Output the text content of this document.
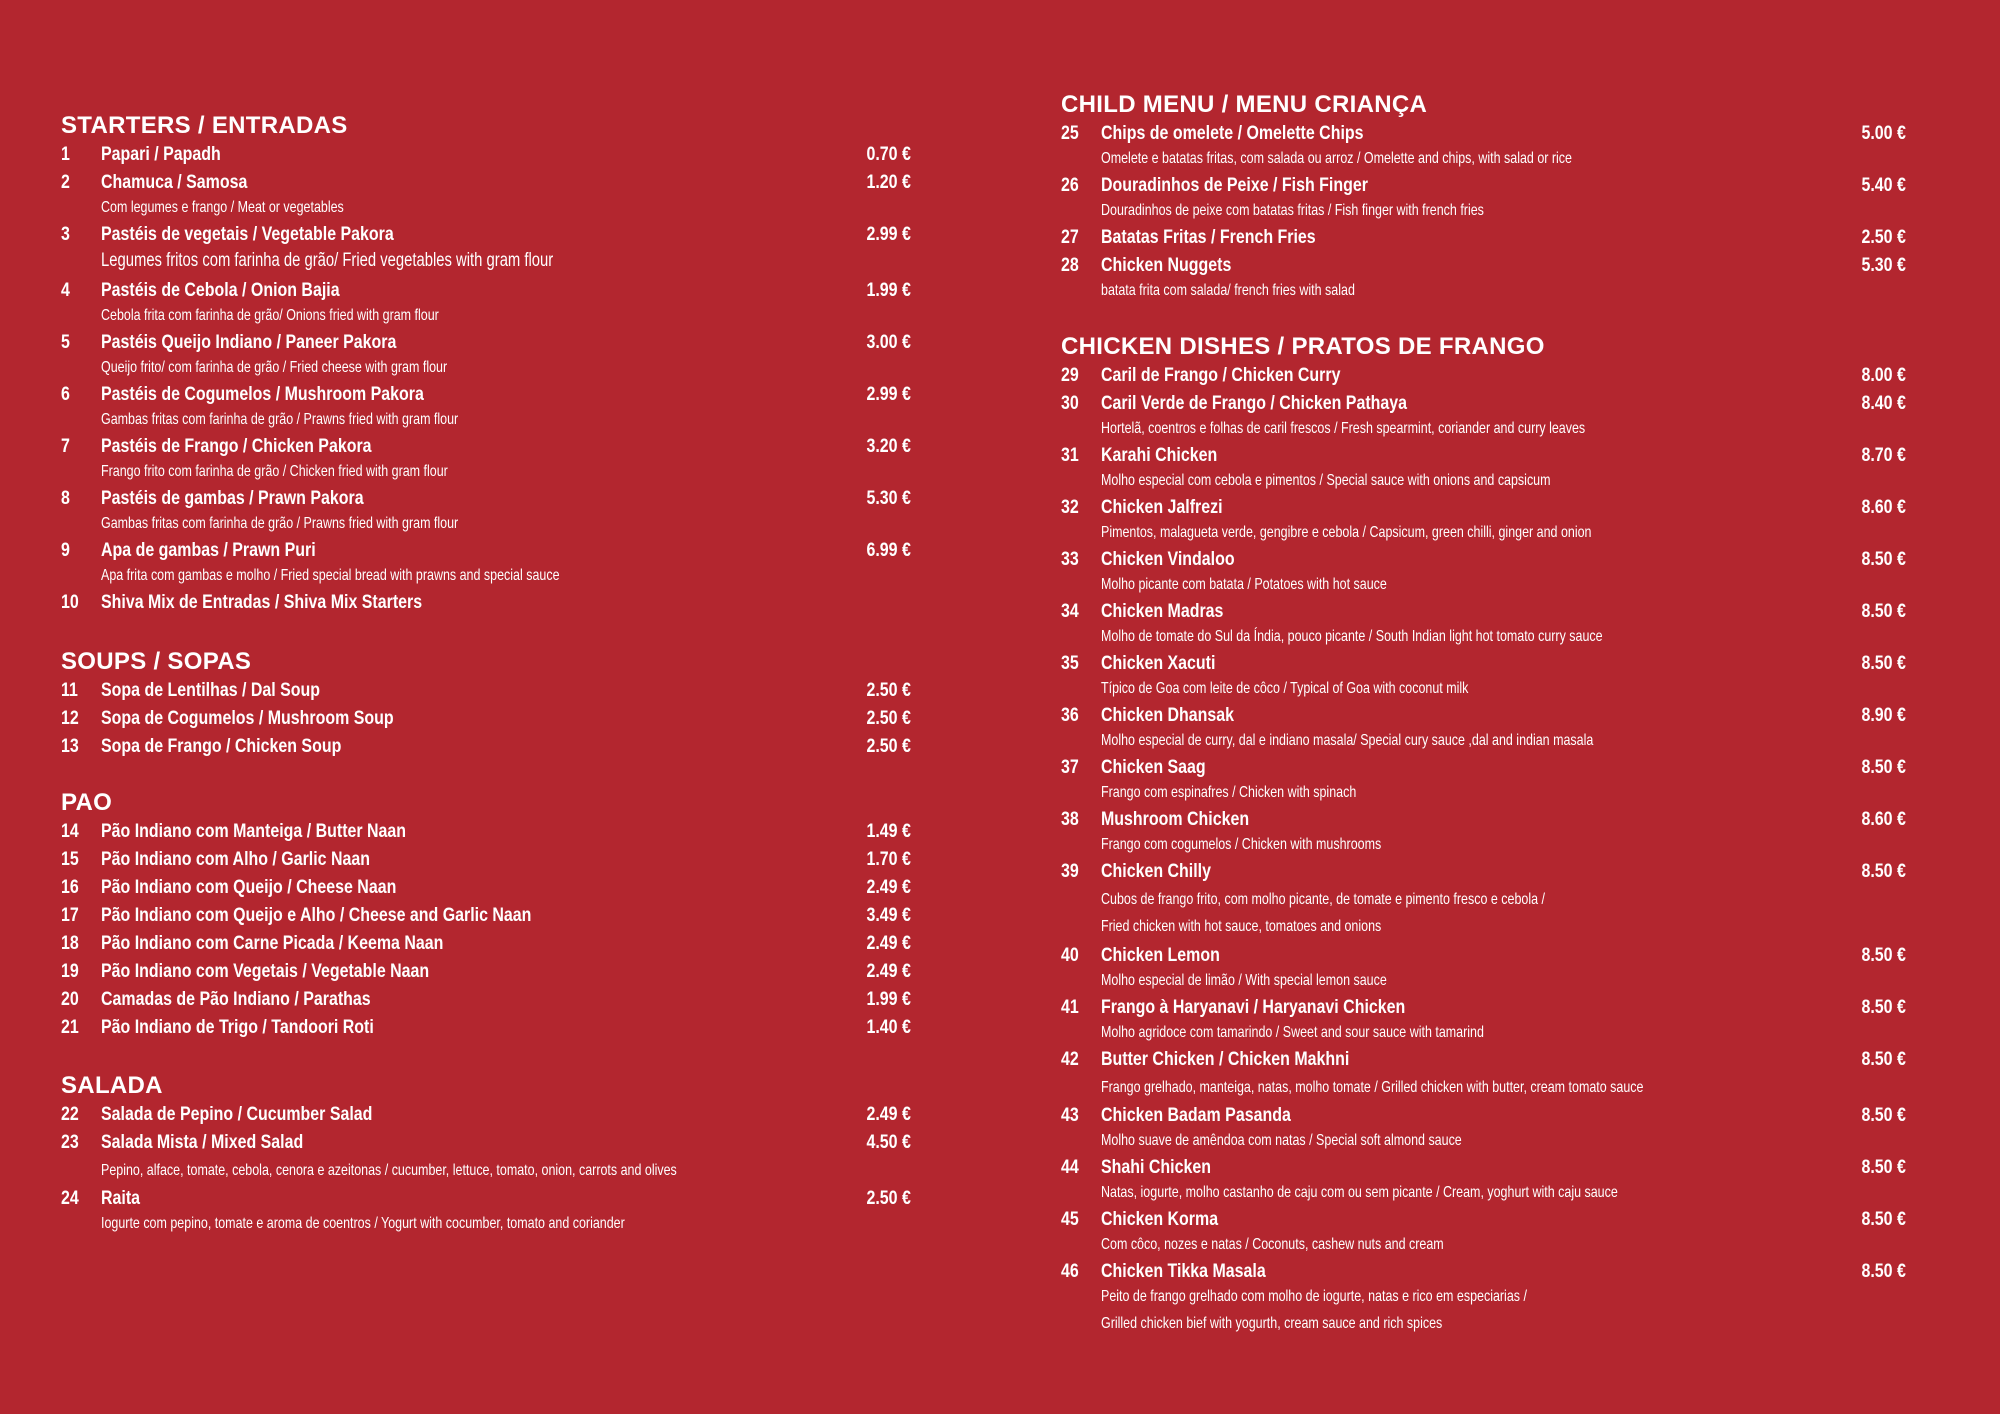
STARTERS / ENTRADAS
1 Papari / Papadh	0.70 €
2 Chamuca / Samosa	1.20 €
Com legumes e frango / Meat or vegetables
3 Pastéis de vegetais / Vegetable Pakora	2.99 €
Legumes fritos com farinha de grão/ Fried vegetables with gram flour
4 Pastéis de Cebola / Onion Bajia	1.99 €
Cebola frita com farinha de grão/ Onions fried with gram flour
5 Pastéis Queijo Indiano / Paneer Pakora	3.00 €
Queijo frito/ com farinha de grão / Fried cheese with gram flour
6 Pastéis de Cogumelos / Mushroom Pakora	2.99 €
Gambas fritas com farinha de grão / Prawns fried with gram flour
7 Pastéis de Frango / Chicken Pakora	3.20 €
Frango frito com farinha de grão / Chicken fried with gram flour
8 Pastéis de gambas / Prawn Pakora	5.30 €
Gambas fritas com farinha de grão / Prawns fried with gram flour
9 Apa de gambas / Prawn Puri	6.99 €
Apa frita com gambas e molho / Fried special bread with prawns and special sauce
10 Shiva Mix de Entradas / Shiva Mix Starters
SOUPS / SOPAS
11 Sopa de Lentilhas / Dal Soup	2.50 €
12 Sopa de Cogumelos / Mushroom Soup	2.50 €
13 Sopa de Frango / Chicken Soup	2.50 €
PAO
14 Pão Indiano com Manteiga / Butter Naan	1.49 €
15 Pão Indiano com Alho / Garlic Naan	1.70 €
16 Pão Indiano com Queijo / Cheese Naan	2.49 €
17 Pão Indiano com Queijo e Alho / Cheese and Garlic Naan	3.49 €
18 Pão Indiano com Carne Picada / Keema Naan	2.49 €
19 Pão Indiano com Vegetais / Vegetable Naan	2.49 €
20 Camadas de Pão Indiano / Parathas	1.99 €
21 Pão Indiano de Trigo / Tandoori Roti	1.40 €
SALADA
22 Salada de Pepino / Cucumber Salad	2.49 €
23 Salada Mista / Mixed Salad	4.50 €
Pepino, alface, tomate, cebola, cenora e azeitonas / cucumber, lettuce, tomato, onion, carrots and olives
24 Raita	2.50 €
Iogurte com pepino, tomate e aroma de coentros / Yogurt with cocumber, tomato and coriander
CHILD MENU / MENU CRIANÇA
25 Chips de omelete / Omelette Chips	5.00 €
Omelete e batatas fritas, com salada ou arroz / Omelette and chips, with salad or rice
26 Douradinhos de Peixe / Fish Finger	5.40 €
Douradinhos de peixe com batatas fritas / Fish finger with french fries
27 Batatas Fritas / French Fries	2.50 €
28 Chicken Nuggets	5.30 €
batata frita com salada/ french fries with salad
CHICKEN DISHES / PRATOS DE FRANGO
29 Caril de Frango / Chicken Curry	8.00 €
30 Caril Verde de Frango / Chicken Pathaya	8.40 €
Hortelã, coentros e folhas de caril frescos / Fresh spearmint, coriander and curry leaves
31 Karahi Chicken	8.70 €
Molho especial com cebola e pimentos / Special sauce with onions and capsicum
32 Chicken Jalfrezi	8.60 €
Pimentos, malagueta verde, gengibre e cebola / Capsicum, green chilli, ginger and onion
33 Chicken Vindaloo	8.50 €
Molho picante com batata / Potatoes with hot sauce
34 Chicken Madras	8.50 €
Molho de tomate do Sul da Índia, pouco picante / South Indian light hot tomato curry sauce
35 Chicken Xacuti	8.50 €
Típico de Goa com leite de côco / Typical of Goa with coconut milk
36 Chicken Dhansak	8.90 €
Molho especial de curry, dal e indiano masala/ Special cury sauce ,dal and indian masala
37 Chicken Saag	8.50 €
Frango com espinafres / Chicken with spinach
38 Mushroom Chicken	8.60 €
Frango com cogumelos / Chicken with mushrooms
39 Chicken Chilly	8.50 €
Cubos de frango frito, com molho picante, de tomate e pimento fresco e cebola /
Fried chicken with hot sauce, tomatoes and onions
40 Chicken Lemon	8.50 €
Molho especial de limão / With special lemon sauce
41 Frango à Haryanavi / Haryanavi Chicken	8.50 €
Molho agridoce com tamarindo / Sweet and sour sauce with tamarind
42 Butter Chicken / Chicken Makhni	8.50 €
Frango grelhado, manteiga, natas, molho tomate / Grilled chicken with butter, cream tomato sauce
43 Chicken Badam Pasanda	8.50 €
Molho suave de amêndoa com natas / Special soft almond sauce
44 Shahi Chicken	8.50 €
Natas, iogurte, molho castanho de caju com ou sem picante / Cream, yoghurt with caju sauce
45 Chicken Korma	8.50 €
Com côco, nozes e natas / Coconuts, cashew nuts and cream
46 Chicken Tikka Masala	8.50 €
Peito de frango grelhado com molho de iogurte, natas e rico em especiarias /
Grilled chicken bief with yogurth, cream sauce and rich spices
